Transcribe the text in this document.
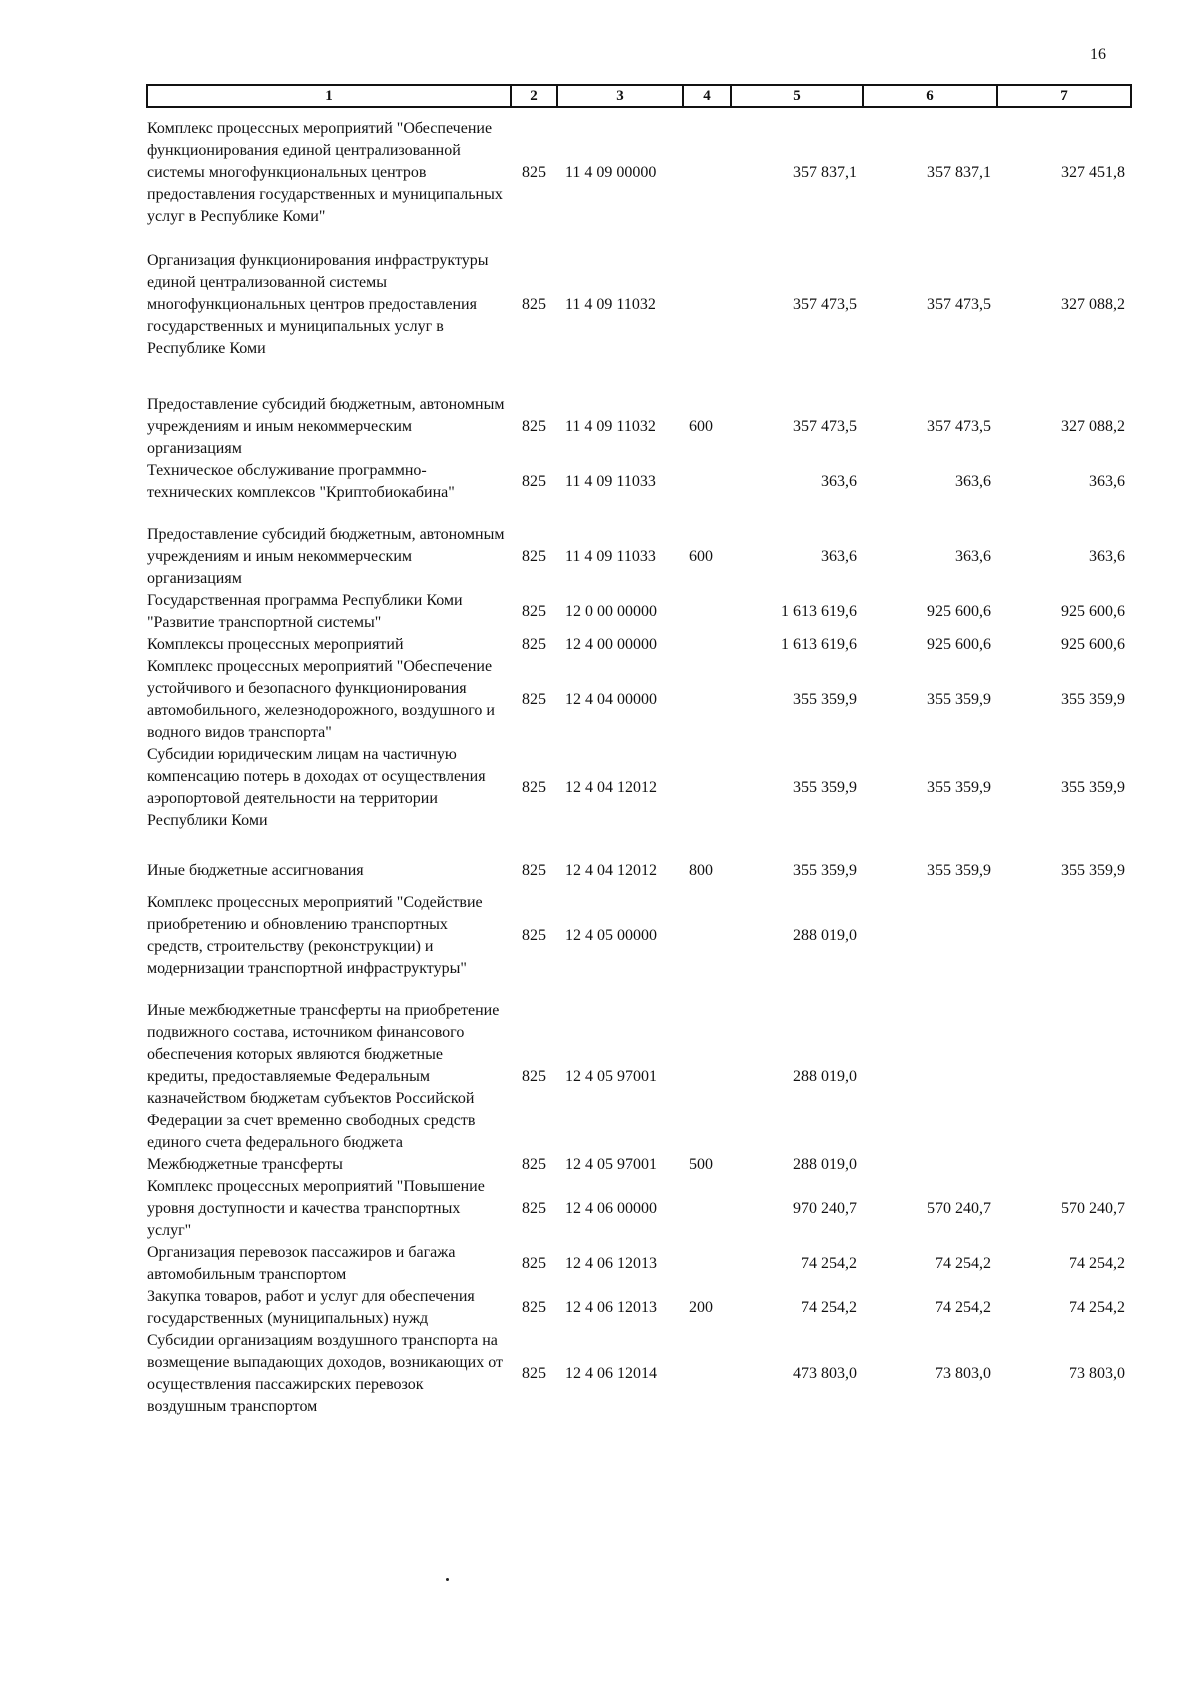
16
1	2	3	4	5	6	7
Комплекс процессных мероприятий "Обеспечение функционирования единой централизованной системы многофункциональных центров предоставления государственных и муниципальных услуг в Республике Коми"	825	11 4 09 00000		357 837,1	357 837,1	327 451,8
Организация функционирования инфраструктуры единой централизованной системы многофункциональных центров предоставления государственных и муниципальных услуг в Республике Коми	825	11 4 09 11032		357 473,5	357 473,5	327 088,2
Предоставление субсидий бюджетным, автономным учреждениям и иным некоммерческим организациям	825	11 4 09 11032	600	357 473,5	357 473,5	327 088,2
Техническое обслуживание программно-технических комплексов "Криптобиокабина"	825	11 4 09 11033		363,6	363,6	363,6
Предоставление субсидий бюджетным, автономным учреждениям и иным некоммерческим организациям	825	11 4 09 11033	600	363,6	363,6	363,6
Государственная программа Республики Коми "Развитие транспортной системы"	825	12 0 00 00000		1 613 619,6	925 600,6	925 600,6
Комплексы процессных мероприятий	825	12 4 00 00000		1 613 619,6	925 600,6	925 600,6
Комплекс процессных мероприятий "Обеспечение устойчивого и безопасного функционирования автомобильного, железнодорожного, воздушного и водного видов транспорта"	825	12 4 04 00000		355 359,9	355 359,9	355 359,9
Субсидии юридическим лицам на частичную компенсацию потерь в доходах от осуществления аэропортовой деятельности на территории Республики Коми	825	12 4 04 12012		355 359,9	355 359,9	355 359,9
Иные бюджетные ассигнования	825	12 4 04 12012	800	355 359,9	355 359,9	355 359,9
Комплекс процессных мероприятий "Содействие приобретению и обновлению транспортных средств, строительству (реконструкции) и модернизации транспортной инфраструктуры"	825	12 4 05 00000		288 019,0		
Иные межбюджетные трансферты на приобретение подвижного состава, источником финансового обеспечения которых являются бюджетные кредиты, предоставляемые Федеральным казначейством бюджетам субъектов Российской Федерации за счет временно свободных средств единого счета федерального бюджета	825	12 4 05 97001		288 019,0		
Межбюджетные трансферты	825	12 4 05 97001	500	288 019,0		
Комплекс процессных мероприятий "Повышение уровня доступности и качества транспортных услуг"	825	12 4 06 00000		970 240,7	570 240,7	570 240,7
Организация перевозок пассажиров и багажа автомобильным транспортом	825	12 4 06 12013		74 254,2	74 254,2	74 254,2
Закупка товаров, работ и услуг для обеспечения государственных (муниципальных) нужд	825	12 4 06 12013	200	74 254,2	74 254,2	74 254,2
Субсидии организациям воздушного транспорта на возмещение выпадающих доходов, возникающих от осуществления пассажирских перевозок воздушным транспортом	825	12 4 06 12014		473 803,0	73 803,0	73 803,0
